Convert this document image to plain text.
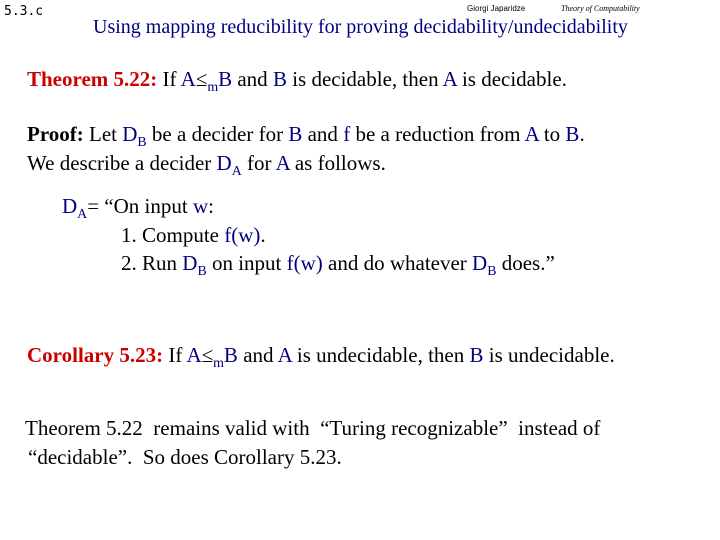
5.3.c	Giorgi Japaridze	Theory of Computability
Using mapping reducibility for proving decidability/undecidability
Theorem 5.22: If $A\le_mB$ and B is decidable, then A is decidable.
Proof: Let $D_B$ be a decider for B and f be a reduction from A to B.
We describe a decider $D_A$ for A as follows.
$D_A=$ “On input w:
1. Compute f(w).
2. Run $D_B$ on input f(w) and do whatever $D_B$ does.”
Corollary 5.23: If $A\le_mB$ and A is undecidable, then B is undecidable.
Theorem 5.22  remains valid with  “Turing recognizable”  instead of
“decidable”.  So does Corollary 5.23.
